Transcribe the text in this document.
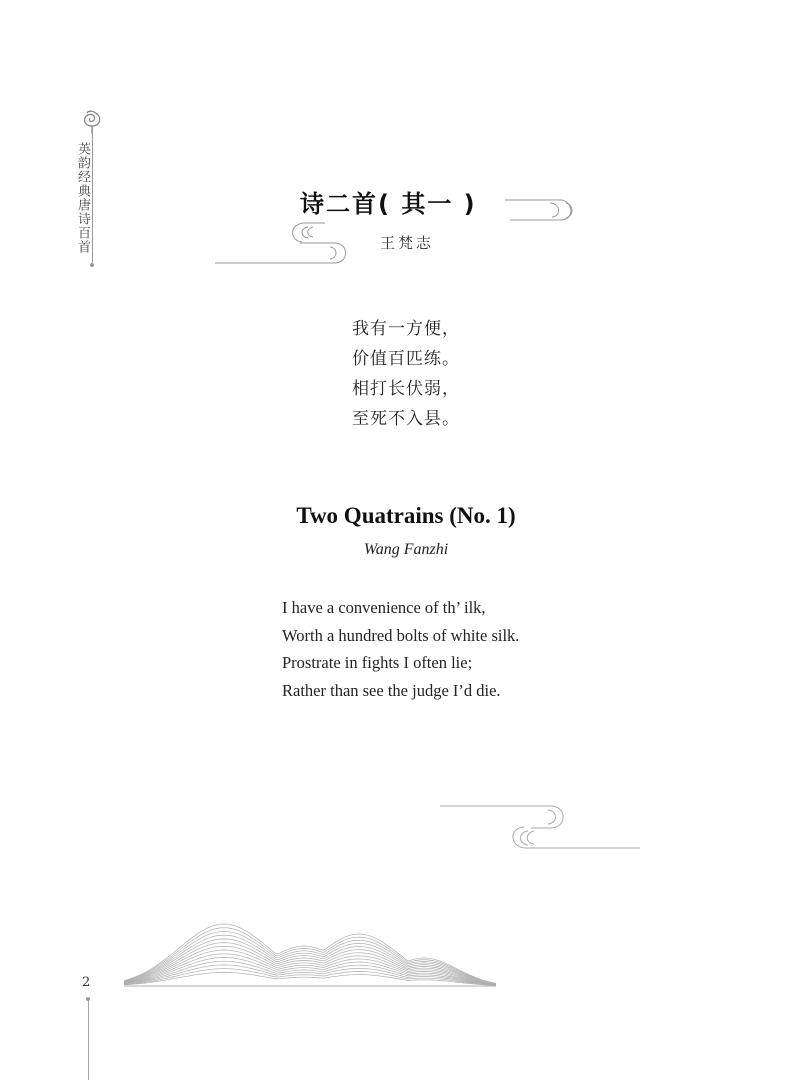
英韵经典唐诗百首
2
诗二首( 其一 )
王梵志
我有一方便，
价值百匹练。
相打长伏弱，
至死不入县。
Two Quatrains (No. 1)
Wang Fanzhi
I have a convenience of th’ ilk,
Worth a hundred bolts of white silk.
Prostrate in fights I often lie;
Rather than see the judge I’d die.
